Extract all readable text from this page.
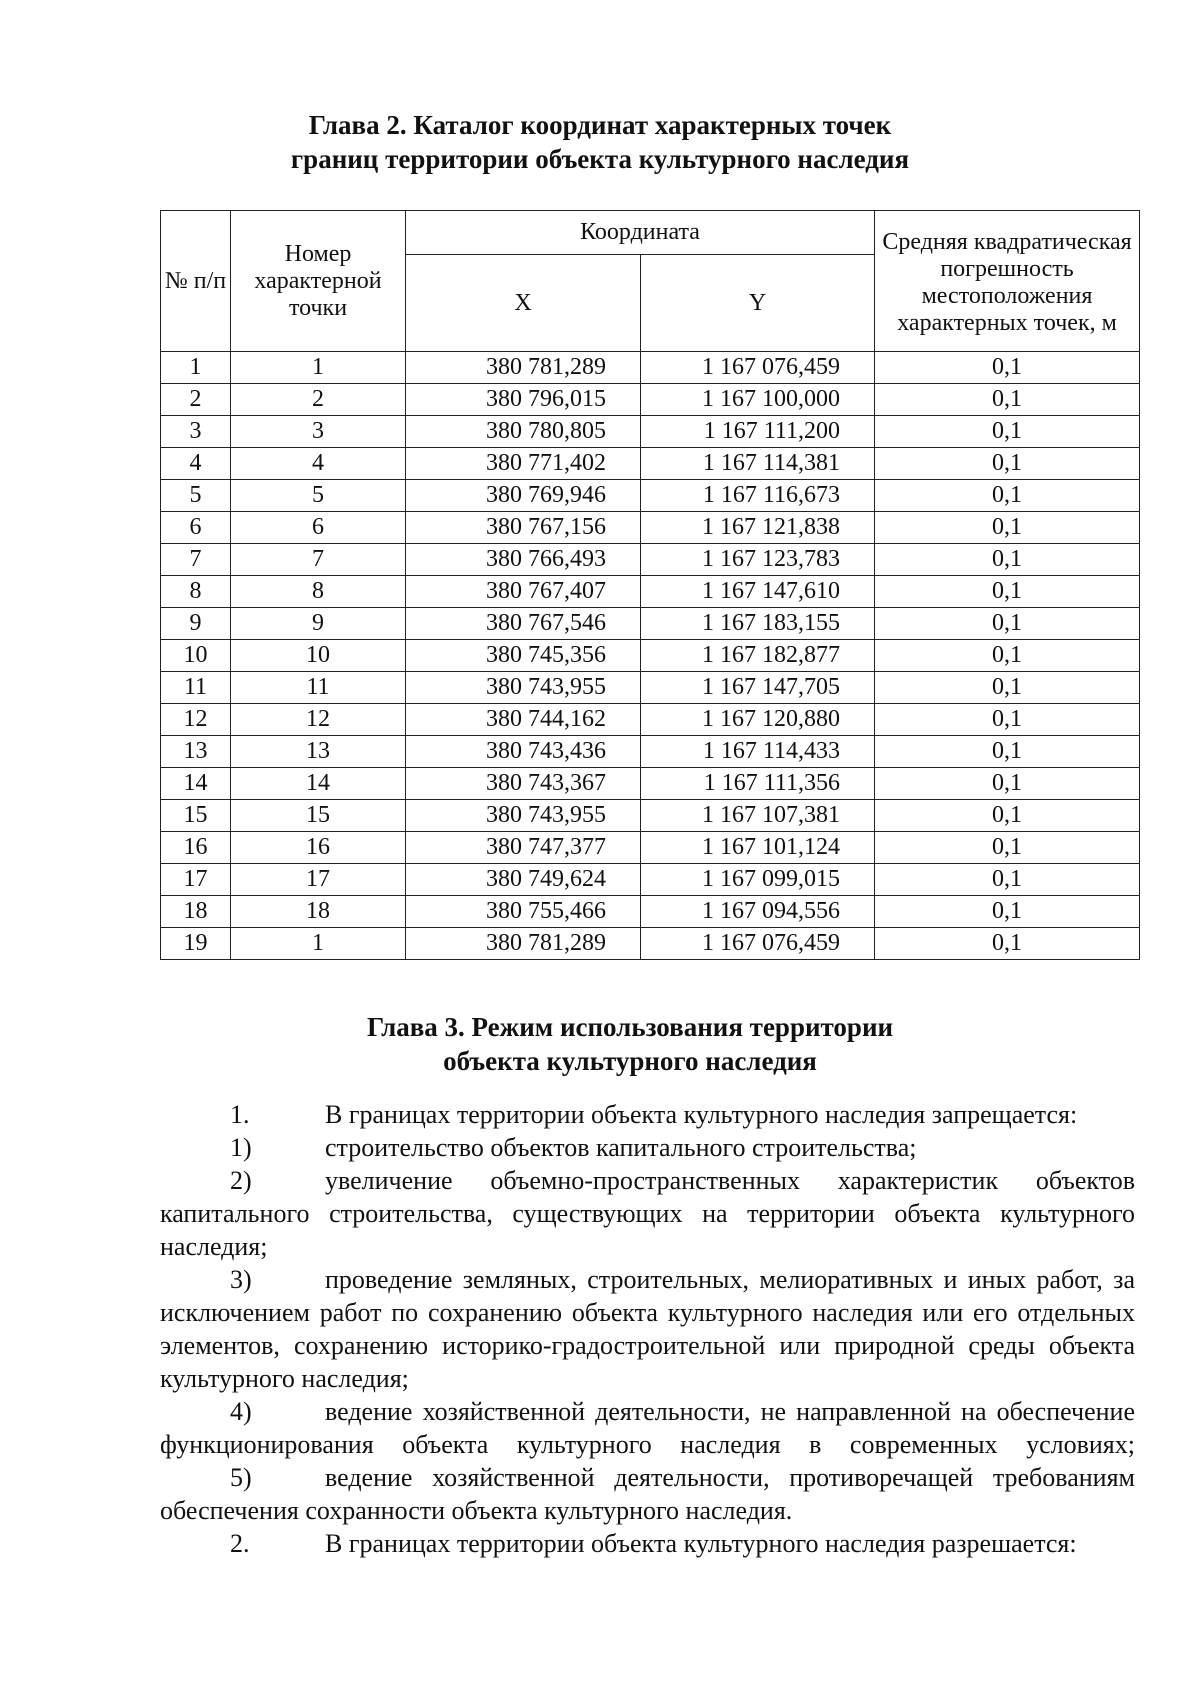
Глава 2. Каталог координат характерных точек
границ территории объекта культурного наследия
№ п/п	Номер характерной точки	Координата		Средняя квадратическая погрешность местоположения характерных точек, м
		X	Y	
1	1	380 781,289	1 167 076,459	0,1
2	2	380 796,015	1 167 100,000	0,1
3	3	380 780,805	1 167 111,200	0,1
4	4	380 771,402	1 167 114,381	0,1
5	5	380 769,946	1 167 116,673	0,1
6	6	380 767,156	1 167 121,838	0,1
7	7	380 766,493	1 167 123,783	0,1
8	8	380 767,407	1 167 147,610	0,1
9	9	380 767,546	1 167 183,155	0,1
10	10	380 745,356	1 167 182,877	0,1
11	11	380 743,955	1 167 147,705	0,1
12	12	380 744,162	1 167 120,880	0,1
13	13	380 743,436	1 167 114,433	0,1
14	14	380 743,367	1 167 111,356	0,1
15	15	380 743,955	1 167 107,381	0,1
16	16	380 747,377	1 167 101,124	0,1
17	17	380 749,624	1 167 099,015	0,1
18	18	380 755,466	1 167 094,556	0,1
19	1	380 781,289	1 167 076,459	0,1
Глава 3. Режим использования территории
объекта культурного наследия

1.	В границах территории объекта культурного наследия запрещается:

1)	строительство объектов капитального строительства;

2)	увеличение объемно-пространственных характеристик объектов капитального строительства, существующих на территории объекта культурного наследия;

3)	проведение земляных, строительных, мелиоративных и иных работ, за исключением работ по сохранению объекта культурного наследия или его отдельных элементов, сохранению историко-градостроительной или природной среды объекта культурного наследия;

4)	ведение хозяйственной деятельности, не направленной на обеспечение функционирования объекта культурного наследия в современных условиях;

5)	ведение хозяйственной деятельности, противоречащей требованиям обеспечения сохранности объекта культурного наследия.

2.	В границах территории объекта культурного наследия разрешается:
